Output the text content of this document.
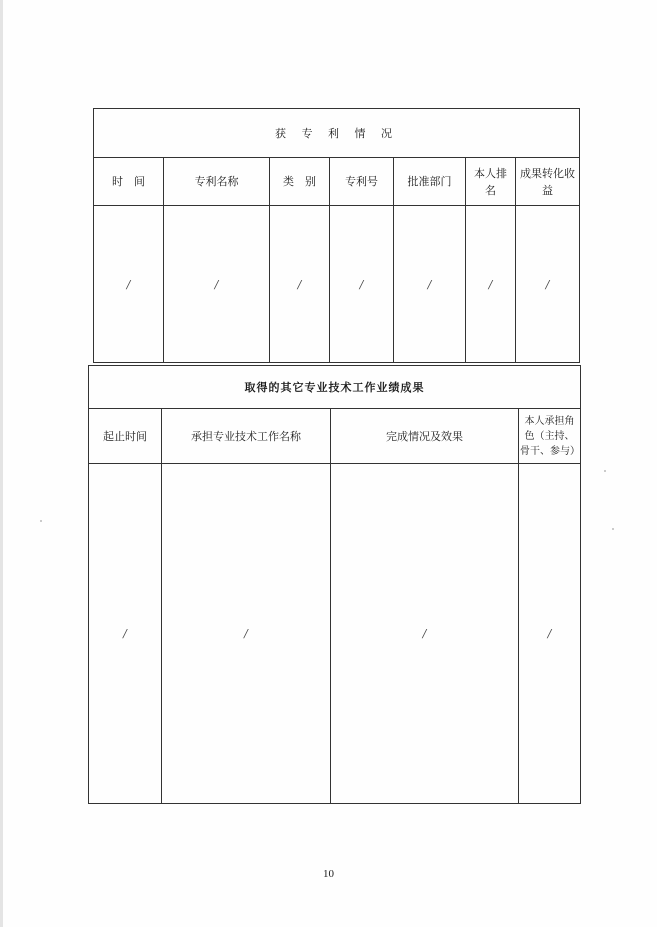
获 专 利 情 况						
时　间	专利名称	类　别	专利号	批准部门	本人排名	成果转化收益
/	/	/	/	/	/	/
取得的其它专业技术工作业绩成果			
起止时间	承担专业技术工作名称	完成情况及效果	本人承担角色（主持、骨干、参与）
/	/	/	/
10
